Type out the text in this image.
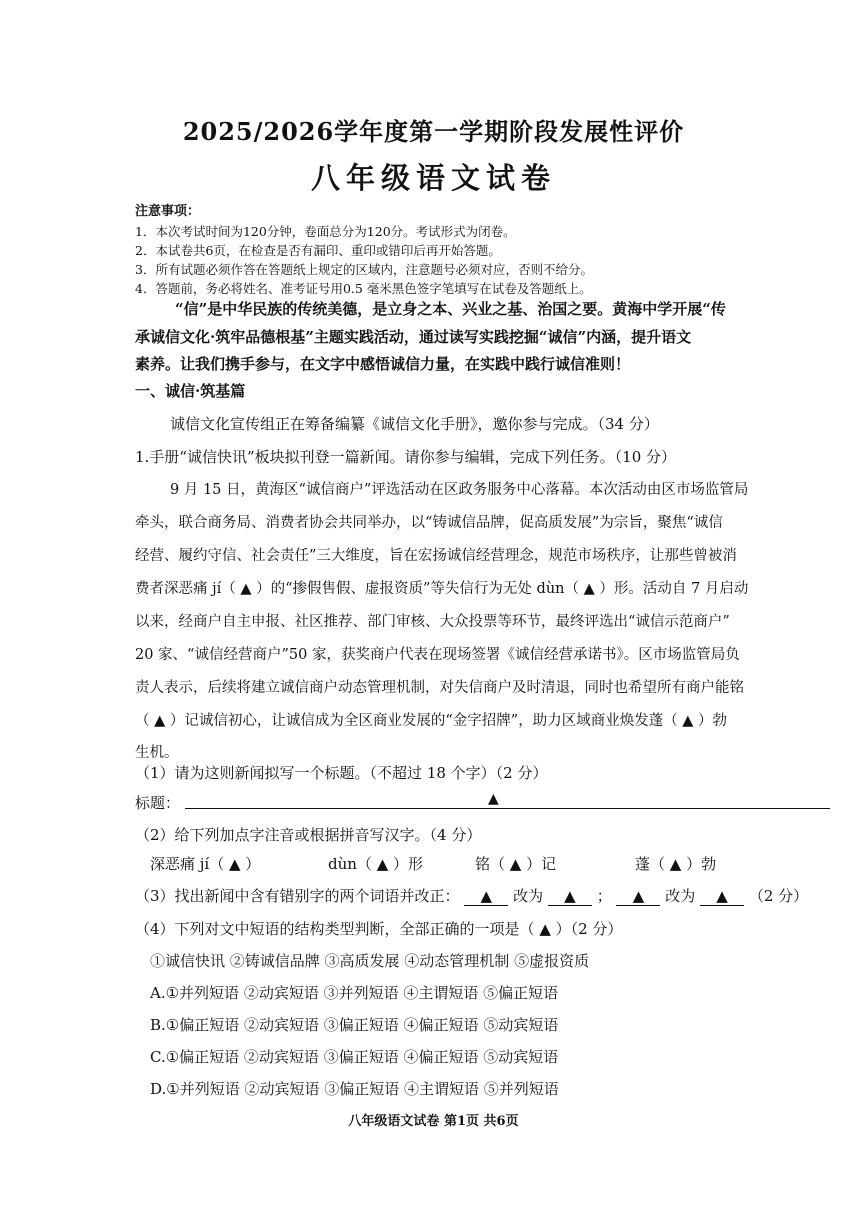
2025/2026学年度第一学期阶段发展性评价
八年级语文试卷
注意事项：
1．本次考试时间为120分钟，卷面总分为120分。考试形式为闭卷。
2．本试卷共6页，在检查是否有漏印、重印或错印后再开始答题。
3．所有试题必须作答在答题纸上规定的区域内，注意题号必须对应，否则不给分。
4．答题前，务必将姓名、准考证号用0.5 毫米黑色签字笔填写在试卷及答题纸上。
“信”是中华民族的传统美德，是立身之本、兴业之基、治国之要。黄海中学开展“传
承诚信文化·筑牢品德根基”主题实践活动，通过读写实践挖掘“诚信”内涵，提升语文
素养。让我们携手参与，在文字中感悟诚信力量，在实践中践行诚信准则！
一、诚信·筑基篇
诚信文化宣传组正在筹备编纂《诚信文化手册》，邀你参与完成。（34 分）
1.手册“诚信快讯”板块拟刊登一篇新闻。请你参与编辑，完成下列任务。（10 分）
9 月 15 日，黄海区“诚信商户”评选活动在区政务服务中心落幕。本次活动由区市场监管局
牵头，联合商务局、消费者协会共同举办，以“铸诚信品牌，促高质发展”为宗旨，聚焦“诚信
经营、履约守信、社会责任”三大维度，旨在宏扬诚信经营理念，规范市场秩序，让那些曾被消
费者深恶痛 jí（ ▲ ）的“掺假售假、虚报资质”等失信行为无处 dùn（ ▲ ）形。活动自 7 月启动
以来，经商户自主申报、社区推荐、部门审核、大众投票等环节，最终评选出“诚信示范商户”
20 家、“诚信经营商户”50 家，获奖商户代表在现场签署《诚信经营承诺书》。区市场监管局负
责人表示，后续将建立诚信商户动态管理机制，对失信商户及时清退，同时也希望所有商户能铭
（ ▲ ）记诚信初心，让诚信成为全区商业发展的“金字招牌”，助力区域商业焕发蓬（ ▲ ）勃
生机。
（1）请为这则新闻拟写一个标题。（不超过 18 个字）（2 分）
标题：	▲
（2）给下列加点字注音或根据拼音写汉字。（4 分）
深恶痛 jí（ ▲ ）	dùn（ ▲ ）形	铭（ ▲ ）记	蓬（ ▲ ）勃
（3）找出新闻中含有错别字的两个词语并改正： ▲ 改为 ▲ ； ▲ 改为 ▲ （2 分）
（4）下列对文中短语的结构类型判断，全部正确的一项是（ ▲ ）（2 分）
①诚信快讯 ②铸诚信品牌 ③高质发展 ④动态管理机制 ⑤虚报资质
A.①并列短语 ②动宾短语 ③并列短语 ④主谓短语 ⑤偏正短语
B.①偏正短语 ②动宾短语 ③偏正短语 ④偏正短语 ⑤动宾短语
C.①偏正短语 ②动宾短语 ③偏正短语 ④偏正短语 ⑤动宾短语
D.①并列短语 ②动宾短语 ③偏正短语 ④主谓短语 ⑤并列短语
八年级语文试卷 第1页 共6页
